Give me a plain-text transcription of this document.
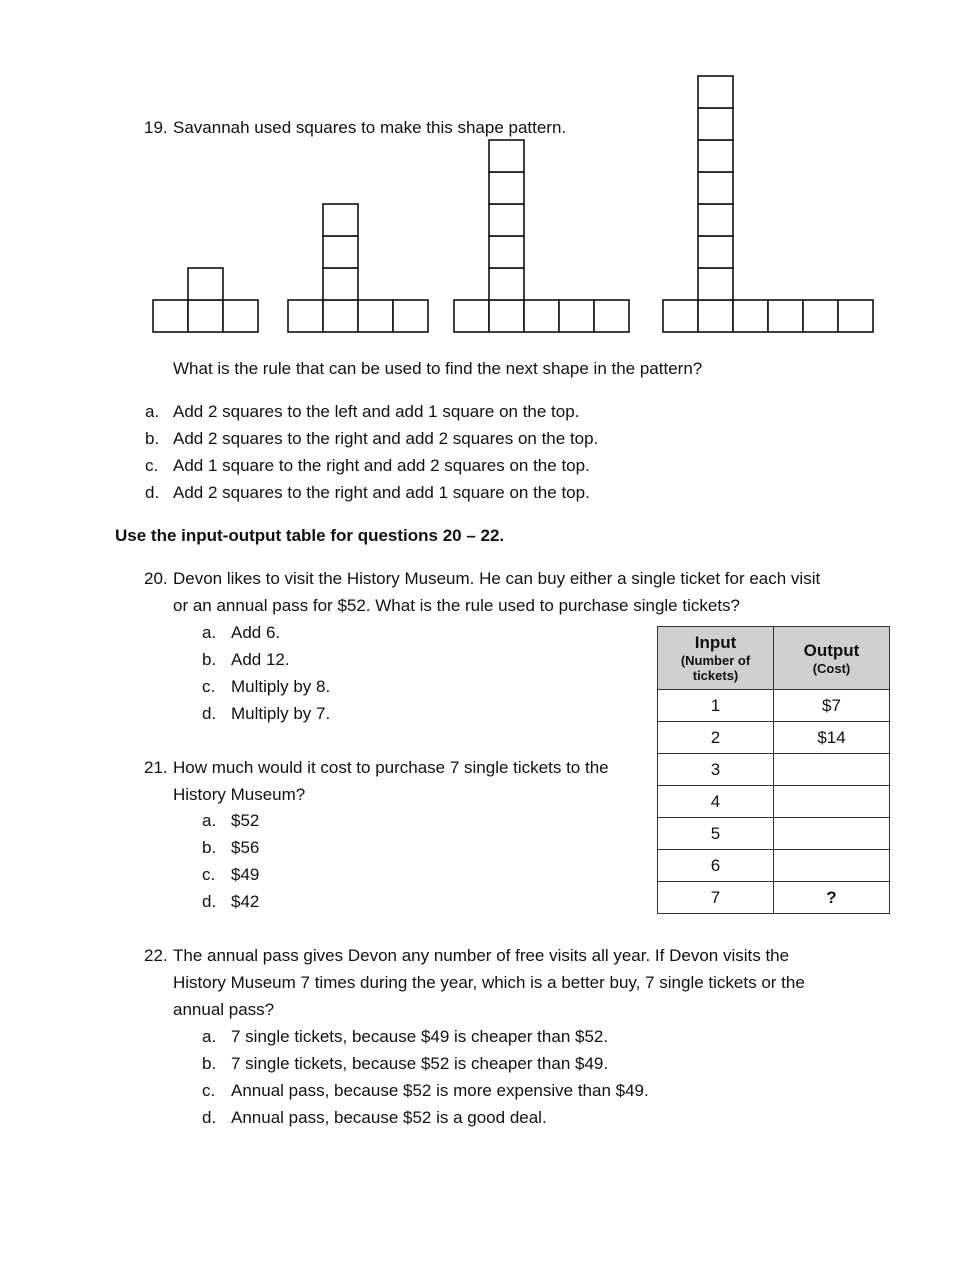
19. Savannah used squares to make this shape pattern.
What is the rule that can be used to find the next shape in the pattern?
a. Add 2 squares to the left and add 1 square on the top.
b. Add 2 squares to the right and add 2 squares on the top.
c. Add 1 square to the right and add 2 squares on the top.
d. Add 2 squares to the right and add 1 square on the top.
Use the input-output table for questions 20 – 22.
20. Devon likes to visit the History Museum. He can buy either a single ticket for each visit
or an annual pass for $52. What is the rule used to purchase single tickets?
a. Add 6.
b. Add 12.
c. Multiply by 8.
d. Multiply by 7.
21. How much would it cost to purchase 7 single tickets to the
History Museum?
a. $52
b. $56
c. $49
d. $42
Input
(Number of tickets)	Output
(Cost)

1	$7
2	$14
3	
4	
5	
6	
7	?
22. The annual pass gives Devon any number of free visits all year. If Devon visits the
History Museum 7 times during the year, which is a better buy, 7 single tickets or the
annual pass?
a. 7 single tickets, because $49 is cheaper than $52.
b. 7 single tickets, because $52 is cheaper than $49.
c. Annual pass, because $52 is more expensive than $49.
d. Annual pass, because $52 is a good deal.
